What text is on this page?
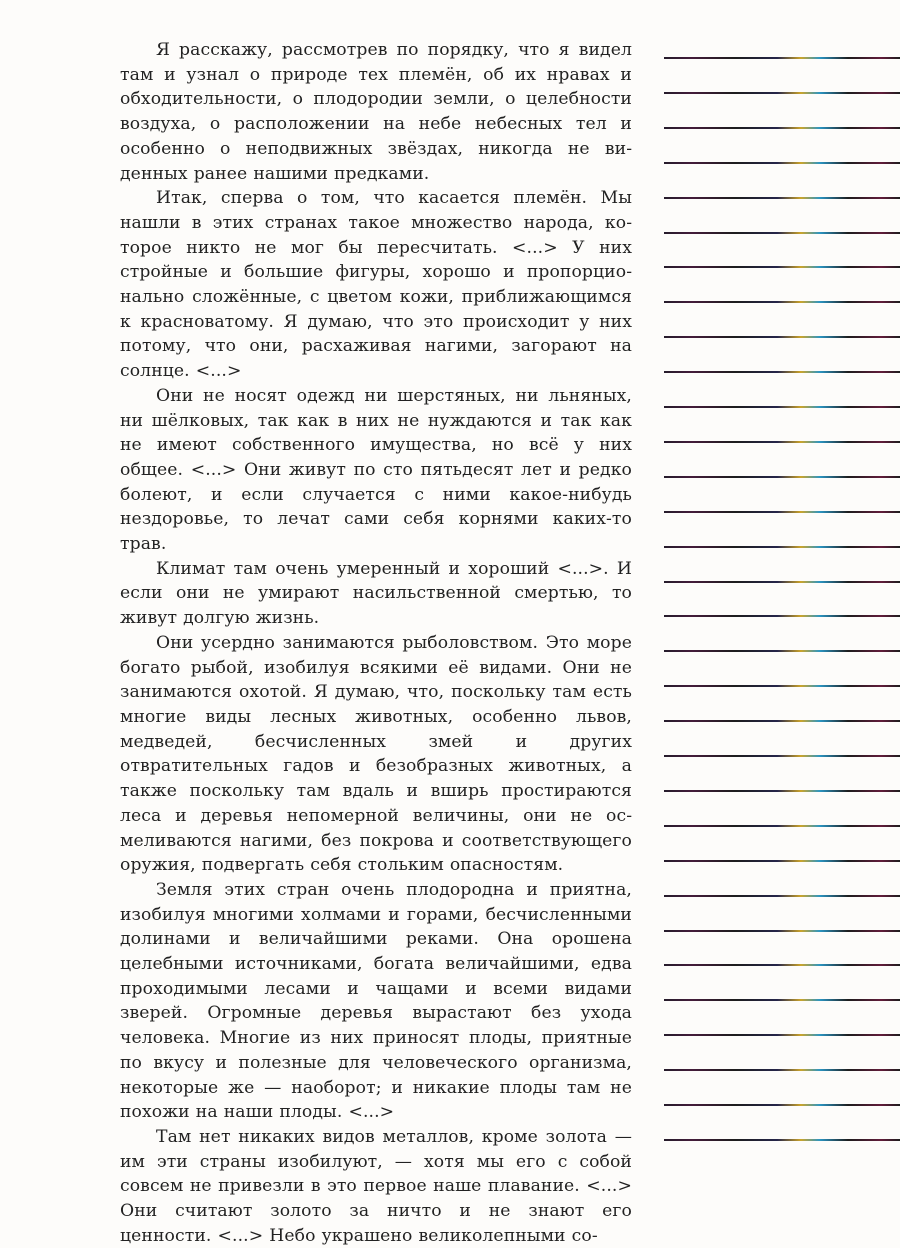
Я расскажу, рассмотрев по порядку, что я видел там и узнал о природе тех племён, об их нравах и обходительности, о плодородии земли, о целебности воздуха, о расположении на небе небесных тел и особенно о неподвижных звёздах, никогда не виденных ранее нашими предками.

Итак, сперва о том, что касается племён. Мы нашли в этих странах такое множество народа, которое никто не мог бы пересчитать. <...> У них стройные и большие фигуры, хорошо и пропорционально сложённые, с цветом кожи, приближающимся к красноватому. Я думаю, что это происходит у них потому, что они, расхаживая нагими, загорают на солнце. <...>

Они не носят одежд ни шерстяных, ни льняных, ни шёлковых, так как в них не нуждаются и так как не имеют собственного имущества, но всё у них общее. <...> Они живут по сто пятьдесят лет и редко болеют, и если случается с ними какое-нибудь нездоровье, то лечат сами себя корнями каких-то трав.

Климат там очень умеренный и хороший <...>. И если они не умирают насильственной смертью, то живут долгую жизнь.

Они усердно занимаются рыболовством. Это море богато рыбой, изобилуя всякими её видами. Они не занимаются охотой. Я думаю, что, поскольку там есть многие виды лесных животных, особенно львов, медведей, бесчисленных змей и других отвратительных гадов и безобразных животных, а также поскольку там вдаль и вширь простираются леса и деревья непомерной величины, они не осмеливаются нагими, без покрова и соответствующего оружия, подвергать себя стольким опасностям.

Земля этих стран очень плодородна и приятна, изобилуя многими холмами и горами, бесчисленными долинами и величайшими реками. Она орошена целебными источниками, богата величайшими, едва проходимыми лесами и чащами и всеми видами зверей. Огромные деревья вырастают без ухода человека. Многие из них приносят плоды, приятные по вкусу и полезные для человеческого организма, некоторые же — наоборот; и никакие плоды там не похожи на наши плоды. <...>

Там нет никаких видов металлов, кроме золота — им эти страны изобилуют, — хотя мы его с собой совсем не привезли в это первое наше плавание. <...> Они считают золото за ничто и не знают его ценности. <...> Небо украшено великолепными со-
